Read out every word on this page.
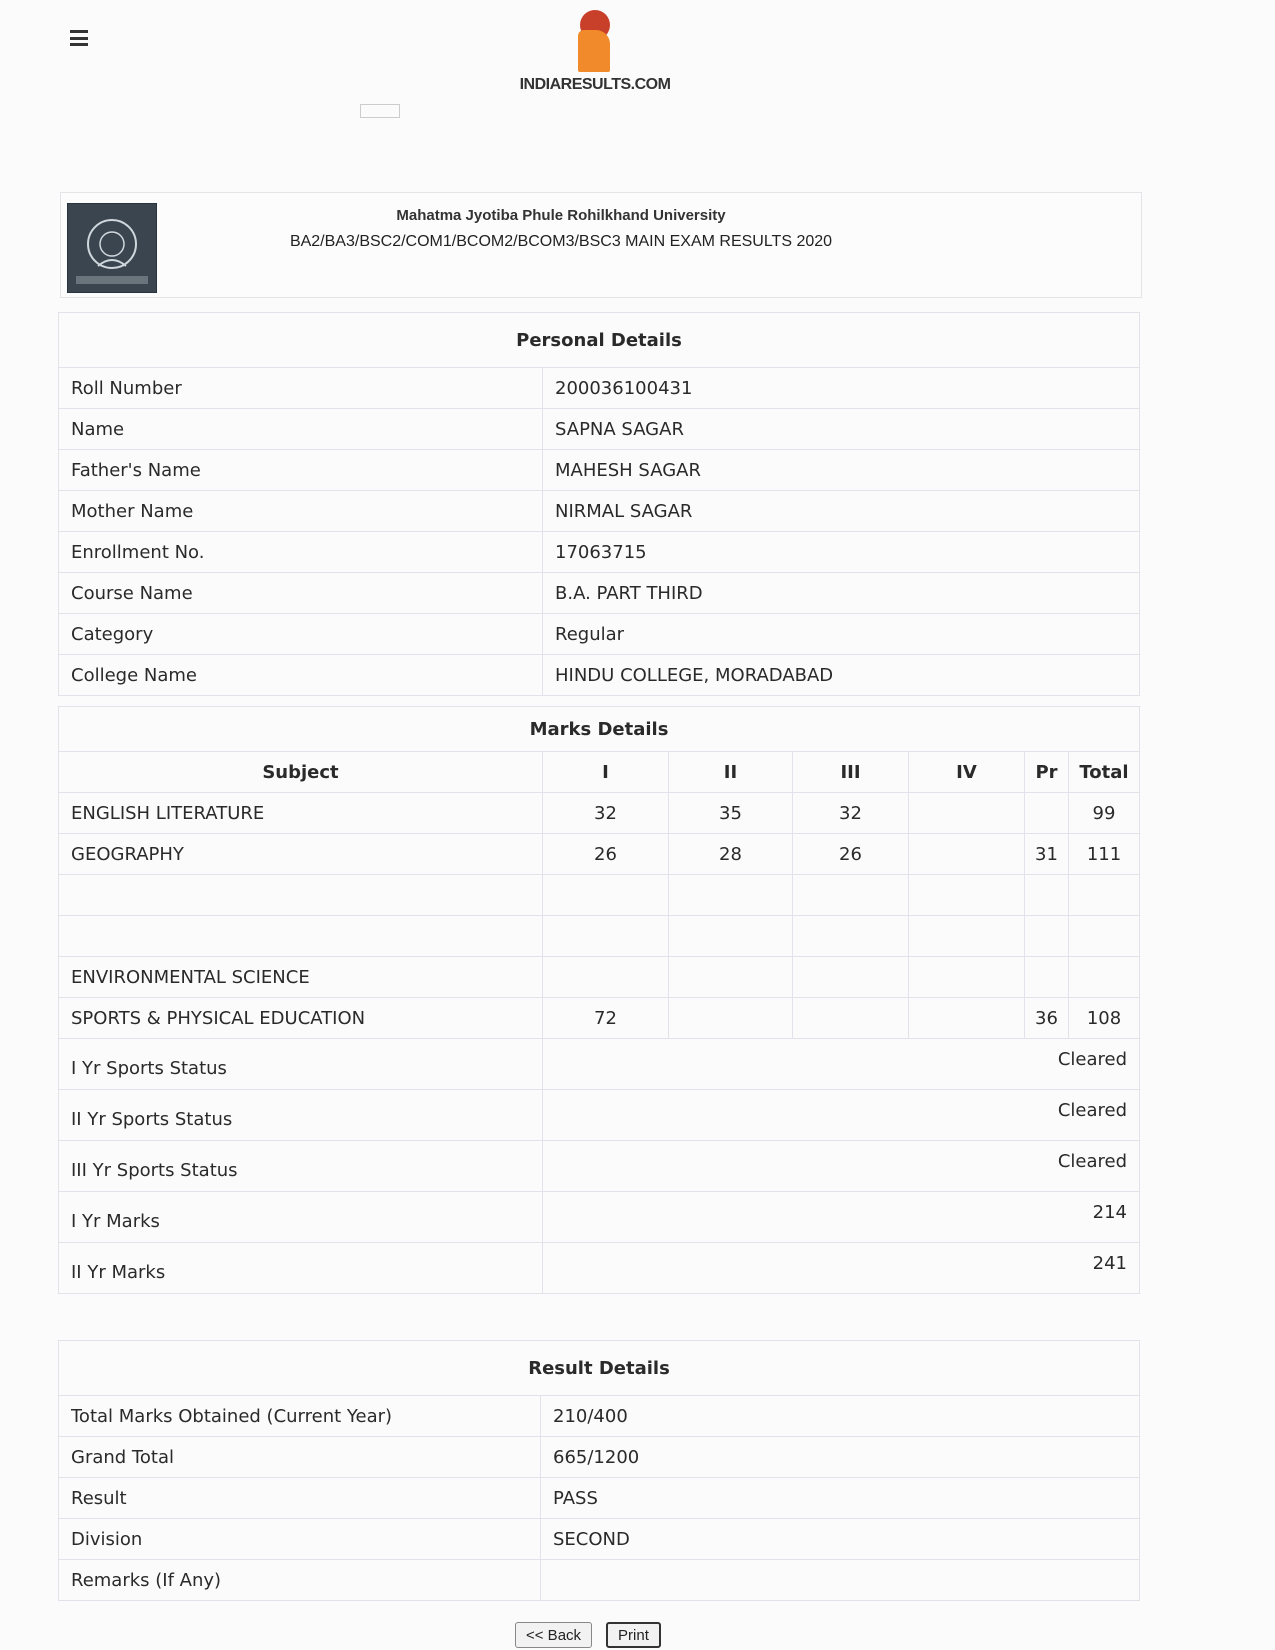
INDIARESULTS.COM
Mahatma Jyotiba Phule Rohilkhand University
BA2/BA3/BSC2/COM1/BCOM2/BCOM3/BSC3 MAIN EXAM RESULTS 2020
Personal Details	
Roll Number	200036100431
Name	SAPNA SAGAR
Father's Name	MAHESH SAGAR
Mother Name	NIRMAL SAGAR
Enrollment No.	17063715
Course Name	B.A. PART THIRD
Category	Regular
College Name	HINDU COLLEGE, MORADABAD
Marks Details						
Subject	I	II	III	IV	Pr	Total
ENGLISH LITERATURE	32	35	32			99
GEOGRAPHY	26	28	26		31	111

ENVIRONMENTAL SCIENCE						
SPORTS & PHYSICAL EDUCATION	72				36	108
I Yr Sports Status	Cleared					
II Yr Sports Status	Cleared					
III Yr Sports Status	Cleared					
I Yr Marks	214					
II Yr Marks	241					
Result Details	
Total Marks Obtained (Current Year)	210/400
Grand Total	665/1200
Result	PASS
Division	SECOND
Remarks (If Any)	
<< Back	Print
